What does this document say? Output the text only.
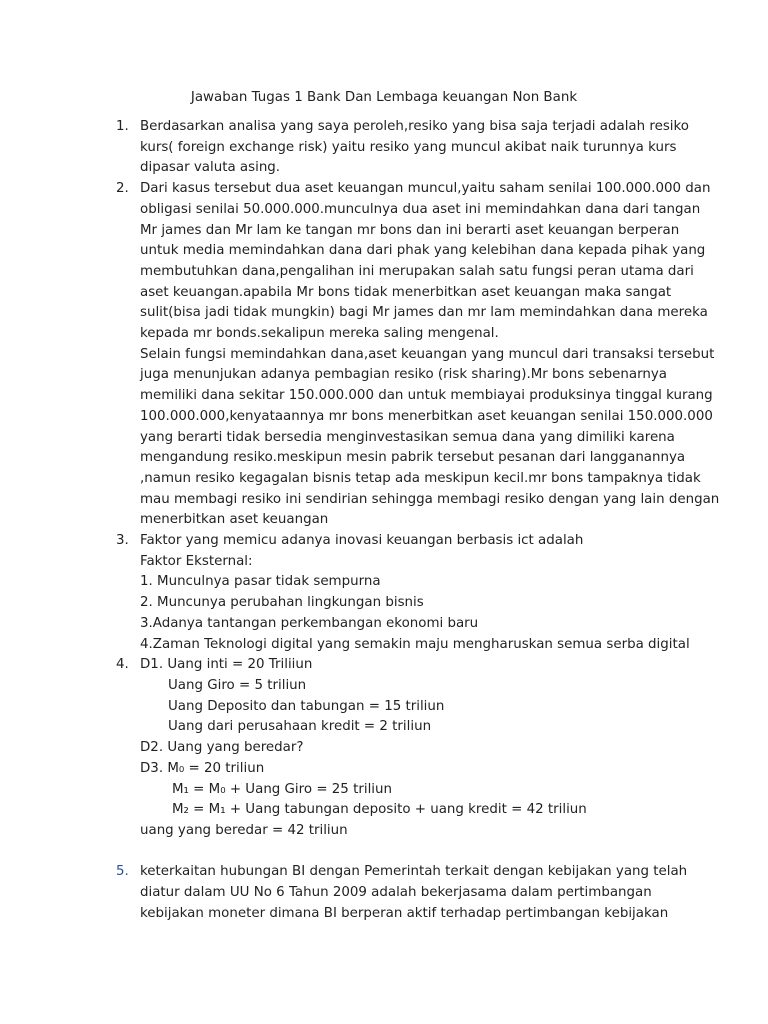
Jawaban Tugas 1 Bank Dan Lembaga keuangan Non Bank
1. Berdasarkan analisa yang saya peroleh,resiko yang bisa saja terjadi adalah resiko
kurs( foreign exchange risk) yaitu resiko yang muncul akibat naik turunnya kurs
dipasar valuta asing.
2. Dari kasus tersebut dua aset keuangan muncul,yaitu saham senilai 100.000.000 dan
obligasi senilai 50.000.000.munculnya dua aset ini memindahkan dana dari tangan
Mr james dan Mr lam ke tangan mr bons dan ini berarti aset keuangan berperan
untuk media memindahkan dana dari phak yang kelebihan dana kepada pihak yang
membutuhkan dana,pengalihan ini merupakan salah satu fungsi peran utama dari
aset keuangan.apabila Mr bons tidak menerbitkan aset keuangan maka sangat
sulit(bisa jadi tidak mungkin) bagi Mr james dan mr lam memindahkan dana mereka
kepada mr bonds.sekalipun mereka saling mengenal.
Selain fungsi memindahkan dana,aset keuangan yang muncul dari transaksi tersebut
juga menunjukan adanya pembagian resiko (risk sharing).Mr bons sebenarnya
memiliki dana sekitar 150.000.000 dan untuk membiayai produksinya tinggal kurang
100.000.000,kenyataannya mr bons menerbitkan aset keuangan senilai 150.000.000
yang berarti tidak bersedia menginvestasikan semua dana yang dimiliki karena
mengandung resiko.meskipun mesin pabrik tersebut pesanan dari langganannya
,namun resiko kegagalan bisnis tetap ada meskipun kecil.mr bons tampaknya tidak
mau membagi resiko ini sendirian sehingga membagi resiko dengan yang lain dengan
menerbitkan aset keuangan
3. Faktor yang memicu adanya inovasi keuangan berbasis ict adalah
Faktor Eksternal:
1. Munculnya pasar tidak sempurna
2. Muncunya perubahan lingkungan bisnis
3.Adanya tantangan perkembangan ekonomi baru
4.Zaman Teknologi digital yang semakin maju mengharuskan semua serba digital
4. D1. Uang inti = 20 Triliiun
Uang Giro = 5 triliun
Uang Deposito dan tabungan = 15 triliun
Uang dari perusahaan kredit = 2 triliun
D2. Uang yang beredar?
D3. M₀ = 20 triliun
M₁ = M₀ + Uang Giro = 25 triliun
M₂ = M₁ + Uang tabungan deposito + uang kredit = 42 triliun
uang yang beredar = 42 triliun
5. keterkaitan hubungan BI dengan Pemerintah terkait dengan kebijakan yang telah
diatur dalam UU No 6 Tahun 2009 adalah bekerjasama dalam pertimbangan
kebijakan moneter dimana BI berperan aktif terhadap pertimbangan kebijakan
